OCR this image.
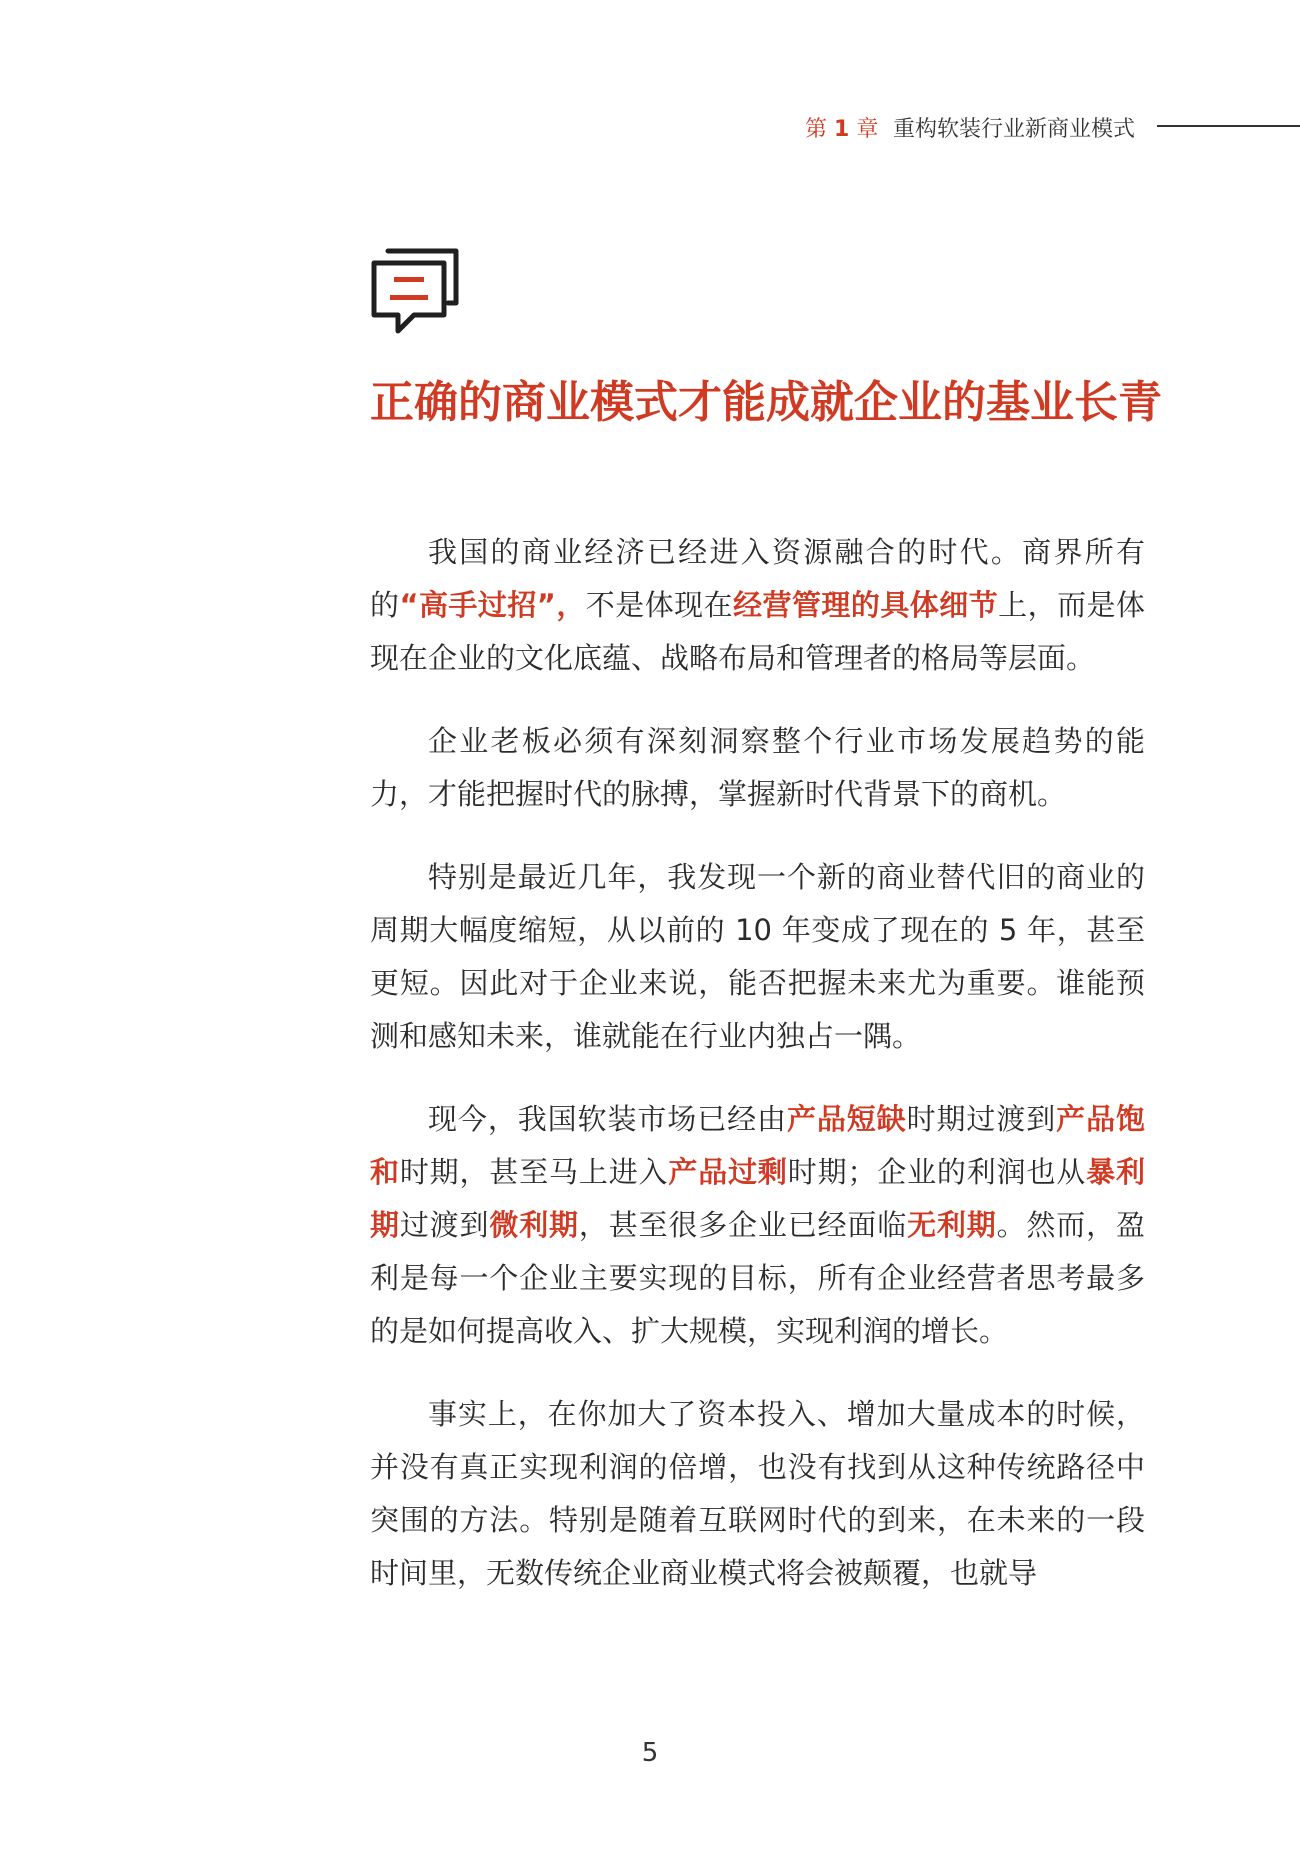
第 1 章 重构软装行业新商业模式
正确的商业模式才能成就企业的基业长青

我国的商业经济已经进入资源融合的时代。商界所有的“高手过招”，不是体现在经营管理的具体细节上，而是体现在企业的文化底蕴、战略布局和管理者的格局等层面。

企业老板必须有深刻洞察整个行业市场发展趋势的能力，才能把握时代的脉搏，掌握新时代背景下的商机。

特别是最近几年，我发现一个新的商业替代旧的商业的周期大幅度缩短，从以前的 10 年变成了现在的 5 年，甚至更短。因此对于企业来说，能否把握未来尤为重要。谁能预测和感知未来，谁就能在行业内独占一隅。

现今，我国软装市场已经由产品短缺时期过渡到产品饱和时期，甚至马上进入产品过剩时期；企业的利润也从暴利期过渡到微利期，甚至很多企业已经面临无利期。然而，盈利是每一个企业主要实现的目标，所有企业经营者思考最多的是如何提高收入、扩大规模，实现利润的增长。

事实上，在你加大了资本投入、增加大量成本的时候，并没有真正实现利润的倍增，也没有找到从这种传统路径中突围的方法。特别是随着互联网时代的到来，在未来的一段时间里，无数传统企业商业模式将会被颠覆，也就导

5
